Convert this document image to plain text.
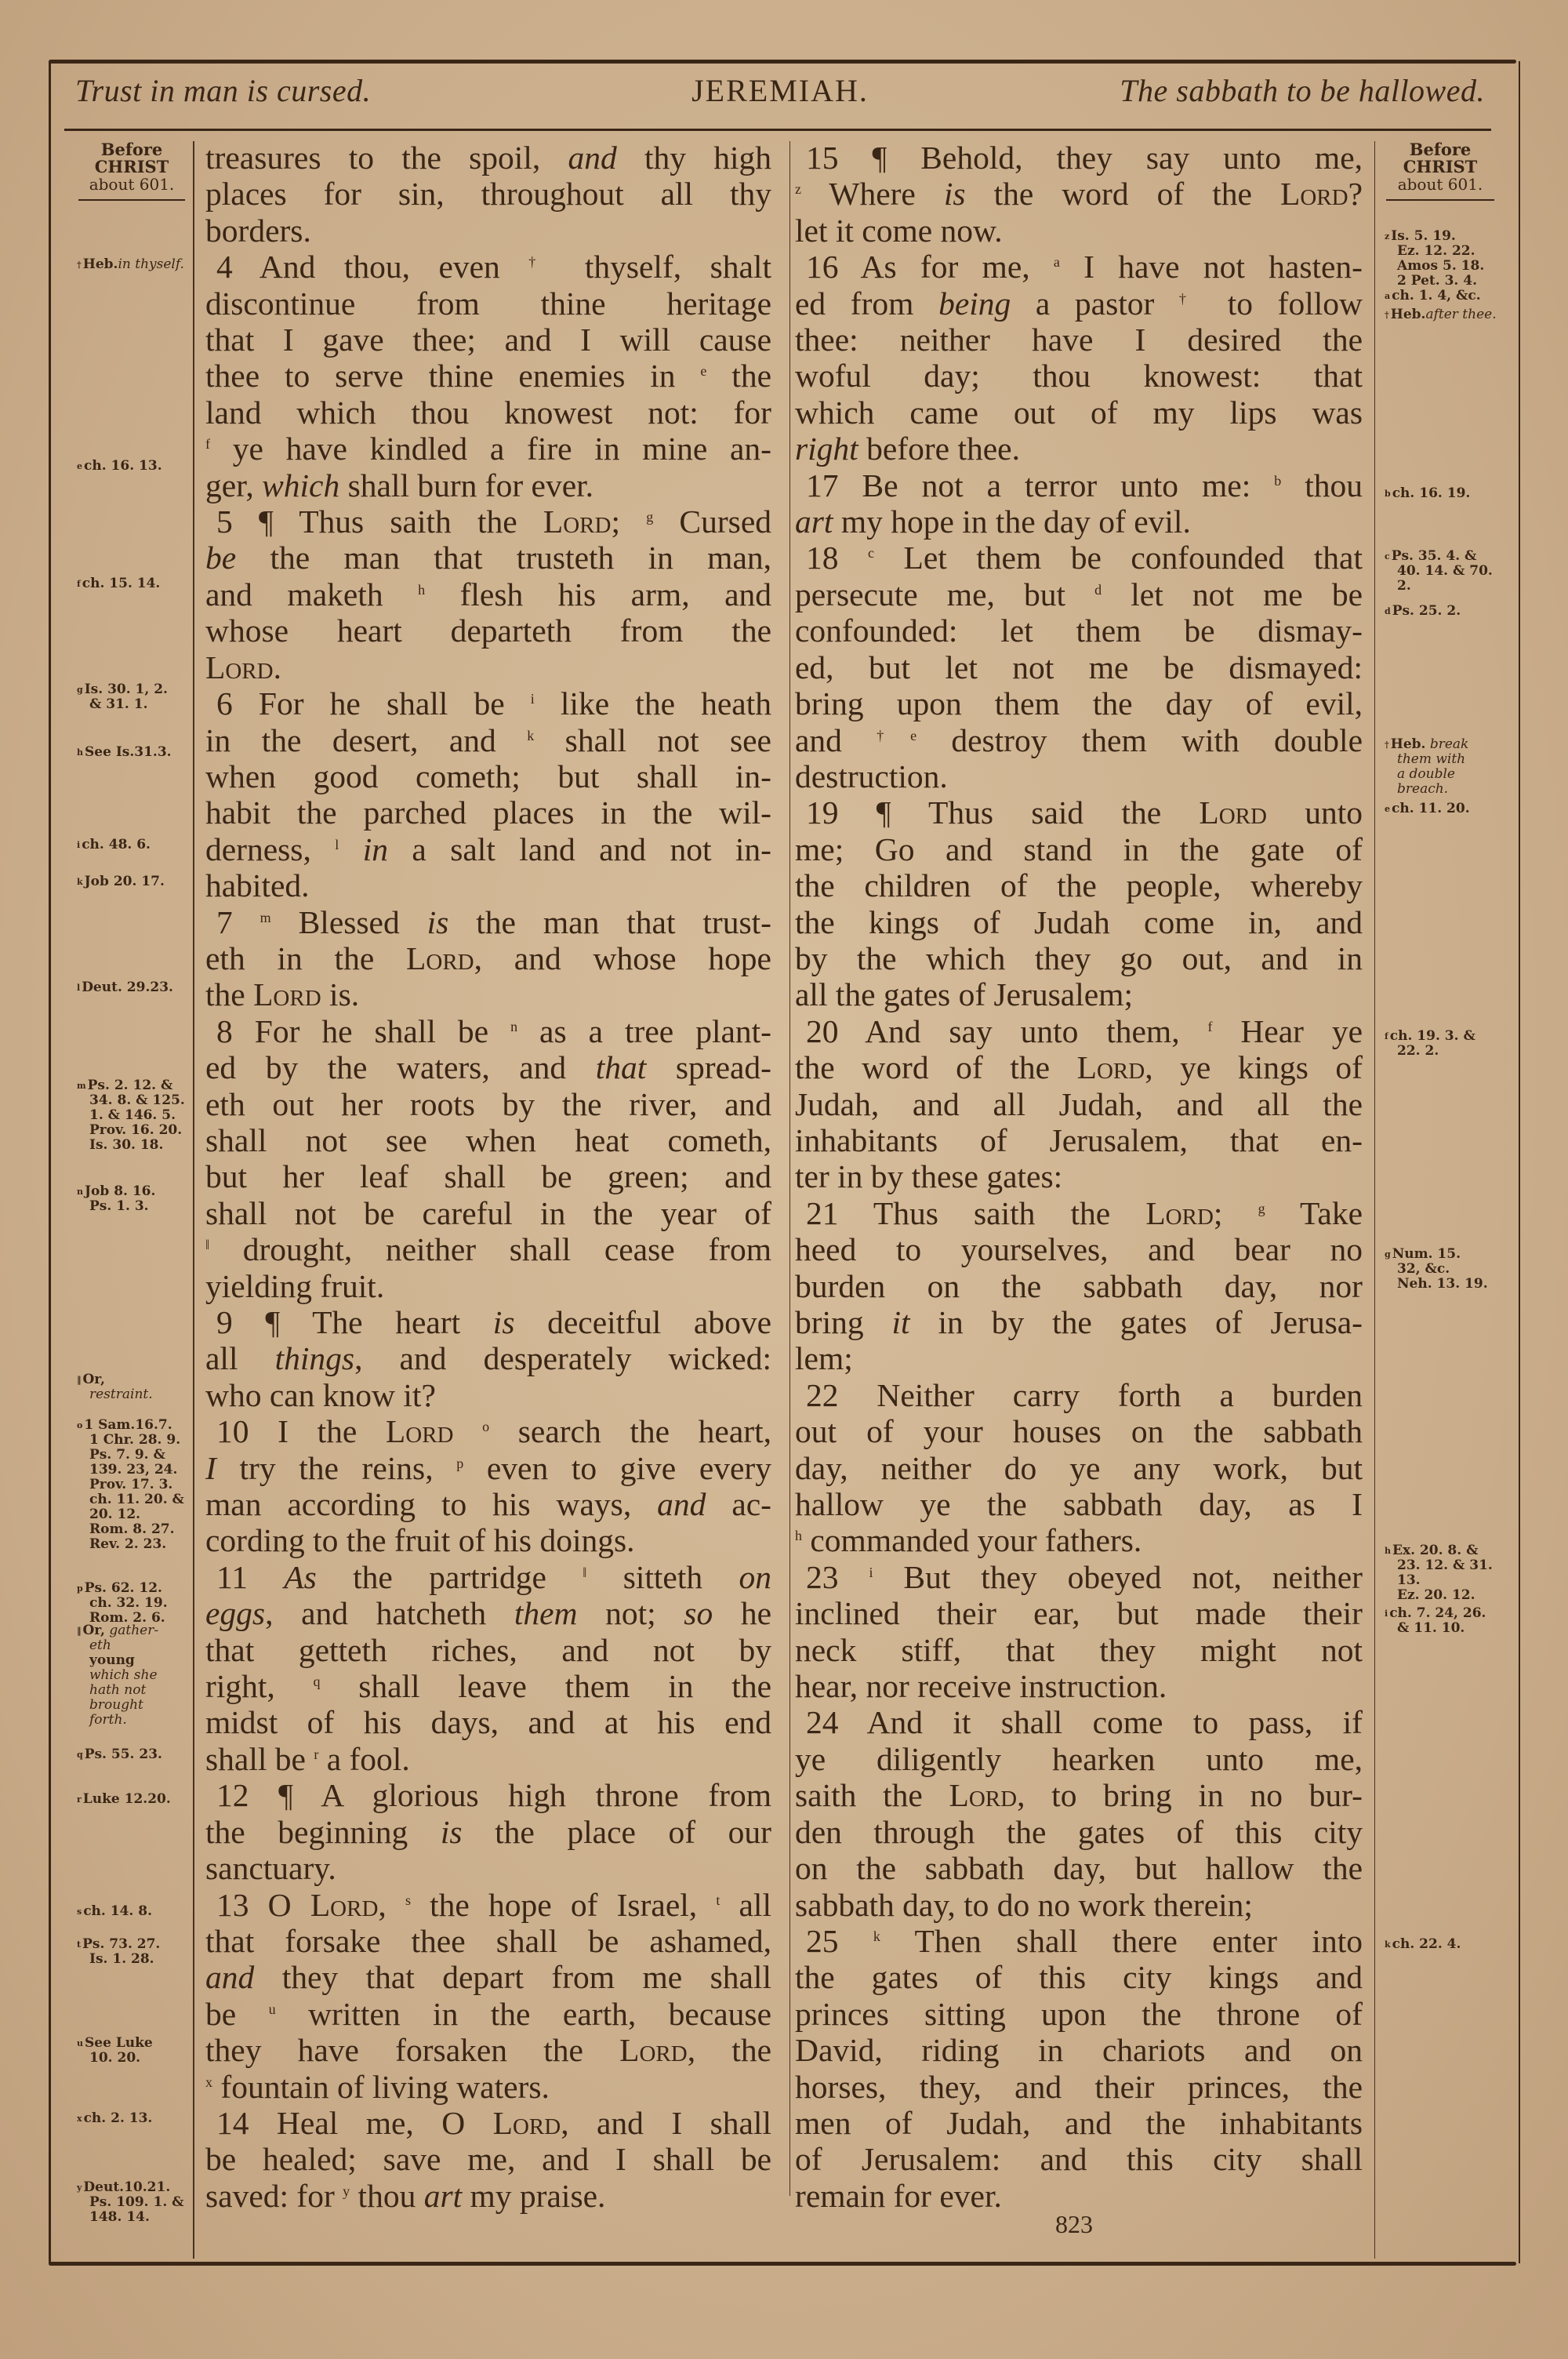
Trust in man is cursed.	JEREMIAH.	The sabbath to be hallowed.
Before
CHRIST
about 601.
† Heb.in thyself.
$^e$ ch. 16. 13.
$^f$ ch. 15. 14.
$^g$ Is. 30. 1, 2.
& 31. 1.
$^h$ See Is.31.3.
$^i$ ch. 48. 6.
$^k$ Job 20. 17.
$^l$ Deut. 29.23.
$^m$ Ps. 2. 12. &
34. 8. & 125.
1. & 146. 5.
Prov. 16. 20.
Is. 30. 18.
$^n$ Job 8. 16.
Ps. 1. 3.
‖ Or,
restraint.
$^o$ 1 Sam.16.7.
1 Chr. 28. 9.
Ps. 7. 9. &
139. 23, 24.
Prov. 17. 3.
ch. 11. 20. &
20. 12.
Rom. 8. 27.
Rev. 2. 23.
$^p$ Ps. 62. 12.
ch. 32. 19.
Rom. 2. 6.
‖ Or, gather-
eth
young
which she
hath not
brought
forth.
$^q$ Ps. 55. 23.
$^r$ Luke 12.20.
$^s$ ch. 14. 8.
$^t$ Ps. 73. 27.
Is. 1. 28.
$^u$ See Luke
10. 20.
$^x$ ch. 2. 13.
$^y$ Deut.10.21.
Ps. 109. 1. &
148. 14.
Before
CHRIST
about 601.
$^z$ Is. 5. 19.
Ez. 12. 22.
Amos 5. 18.
2 Pet. 3. 4.
$^a$ ch. 1. 4, &c.
† Heb.after thee.
$^b$ ch. 16. 19.
$^c$ Ps. 35. 4. &
40. 14. & 70.
2.
$^d$ Ps. 25. 2.
† Heb. break
them with
a double
breach.
$^e$ ch. 11. 20.
$^f$ ch. 19. 3. &
22. 2.
$^g$ Num. 15.
32, &c.
Neh. 13. 19.
$^h$ Ex. 20. 8. &
23. 12. & 31.
13.
Ez. 20. 12.
$^i$ ch. 7. 24, 26.
& 11. 10.
$^k$ ch. 22. 4.
treasures to the spoil, and thy high
places for sin, throughout all thy
borders.
4 And thou, even † thyself, shalt
discontinue from thine heritage
that I gave thee; and I will cause
thee to serve thine enemies in $^e$ the
land which thou knowest not: for
$^f$ ye have kindled a fire in mine an-
ger, which shall burn for ever.
5 ¶ Thus saith the Lord; $^g$ Cursed
be the man that trusteth in man,
and maketh $^h$ flesh his arm, and
whose heart departeth from the
Lord.
6 For he shall be $^i$ like the heath
in the desert, and $^k$ shall not see
when good cometh; but shall in-
habit the parched places in the wil-
derness, $^l$ in a salt land and not in-
habited.
7 $^m$ Blessed is the man that trust-
eth in the Lord, and whose hope
the Lord is.
8 For he shall be $^n$ as a tree plant-
ed by the waters, and that spread-
eth out her roots by the river, and
shall not see when heat cometh,
but her leaf shall be green; and
shall not be careful in the year of
‖ drought, neither shall cease from
yielding fruit.
9 ¶ The heart is deceitful above
all things, and desperately wicked:
who can know it?
10 I the Lord $^o$ search the heart,
I try the reins, $^p$ even to give every
man according to his ways, and ac-
cording to the fruit of his doings.
11 As the partridge ‖ sitteth on
eggs, and hatcheth them not; so he
that getteth riches, and not by
right, $^q$ shall leave them in the
midst of his days, and at his end
shall be $^r$ a fool.
12 ¶ A glorious high throne from
the beginning is the place of our
sanctuary.
13 O Lord, $^s$ the hope of Israel, $^t$ all
that forsake thee shall be ashamed,
and they that depart from me shall
be $^u$ written in the earth, because
they have forsaken the Lord, the
$^x$ fountain of living waters.
14 Heal me, O Lord, and I shall
be healed; save me, and I shall be
saved: for $^y$ thou art my praise.
15 ¶ Behold, they say unto me,
$^z$ Where is the word of the Lord?
let it come now.
16 As for me, $^a$ I have not hasten-
ed from being a pastor † to follow
thee: neither have I desired the
woful day; thou knowest: that
which came out of my lips was
right before thee.
17 Be not a terror unto me: $^b$ thou
art my hope in the day of evil.
18 $^c$ Let them be confounded that
persecute me, but $^d$ let not me be
confounded: let them be dismay-
ed, but let not me be dismayed:
bring upon them the day of evil,
and $^{\dagger e}$ destroy them with double
destruction.
19 ¶ Thus said the Lord unto
me; Go and stand in the gate of
the children of the people, whereby
the kings of Judah come in, and
by the which they go out, and in
all the gates of Jerusalem;
20 And say unto them, $^f$ Hear ye
the word of the Lord, ye kings of
Judah, and all Judah, and all the
inhabitants of Jerusalem, that en-
ter in by these gates:
21 Thus saith the Lord; $^g$ Take
heed to yourselves, and bear no
burden on the sabbath day, nor
bring it in by the gates of Jerusa-
lem;
22 Neither carry forth a burden
out of your houses on the sabbath
day, neither do ye any work, but
hallow ye the sabbath day, as I
$^h$ commanded your fathers.
23 $^i$ But they obeyed not, neither
inclined their ear, but made their
neck stiff, that they might not
hear, nor receive instruction.
24 And it shall come to pass, if
ye diligently hearken unto me,
saith the Lord, to bring in no bur-
den through the gates of this city
on the sabbath day, but hallow the
sabbath day, to do no work therein;
25 $^k$ Then shall there enter into
the gates of this city kings and
princes sitting upon the throne of
David, riding in chariots and on
horses, they, and their princes, the
men of Judah, and the inhabitants
of Jerusalem: and this city shall
remain for ever.
823
